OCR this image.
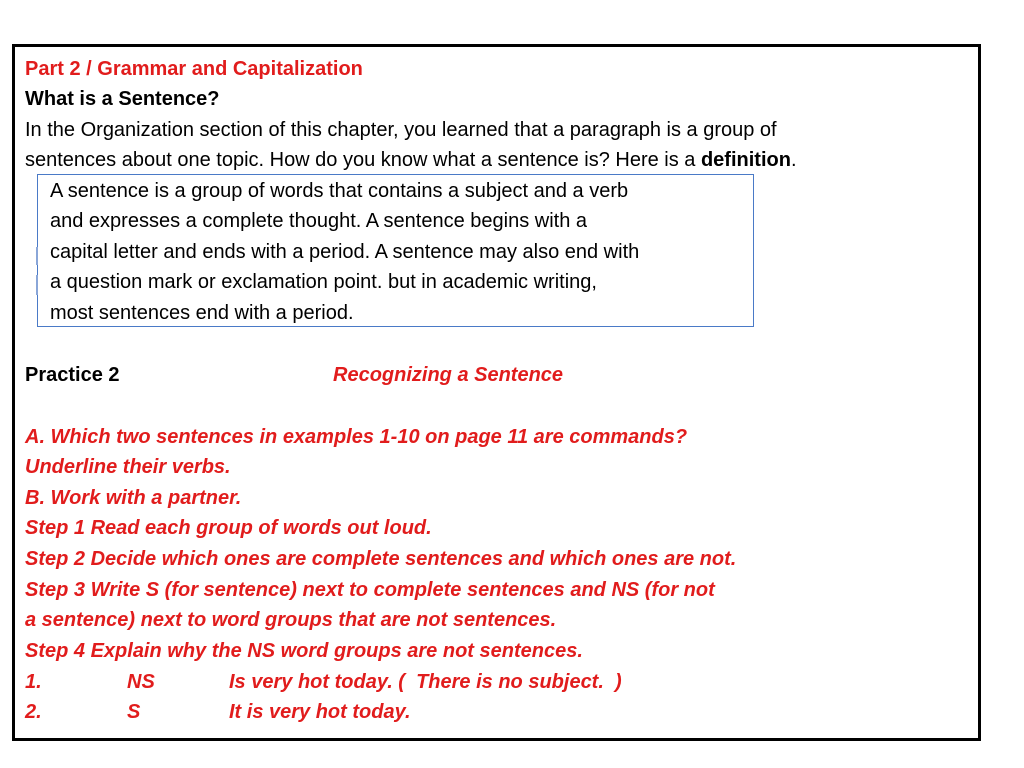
Part 2 / Grammar and Capitalization
What is a Sentence?
In the Organization section of this chapter, you learned that a paragraph is a group of
sentences about one topic. How do you know what a sentence is? Here is a definition.
A sentence is a group of words that contains a subject and a verb
and expresses a complete thought. A sentence begins with a
capital letter and ends with a period. A sentence may also end with
a question mark or exclamation point. but in academic writing,
most sentences end with a period.
Practice 2	Recognizing a Sentence
A. Which two sentences in examples 1-10 on page 11 are commands?
Underline their verbs.
B. Work with a partner.
Step 1 Read each group of words out loud.
Step 2 Decide which ones are complete sentences and which ones are not.
Step 3 Write S (for sentence) next to complete sentences and NS (for not
a sentence) next to word groups that are not sentences.
Step 4 Explain why the NS word groups are not sentences.
1.	NS	Is very hot today. (  There is no subject.  )
2.	S	It is very hot today.
